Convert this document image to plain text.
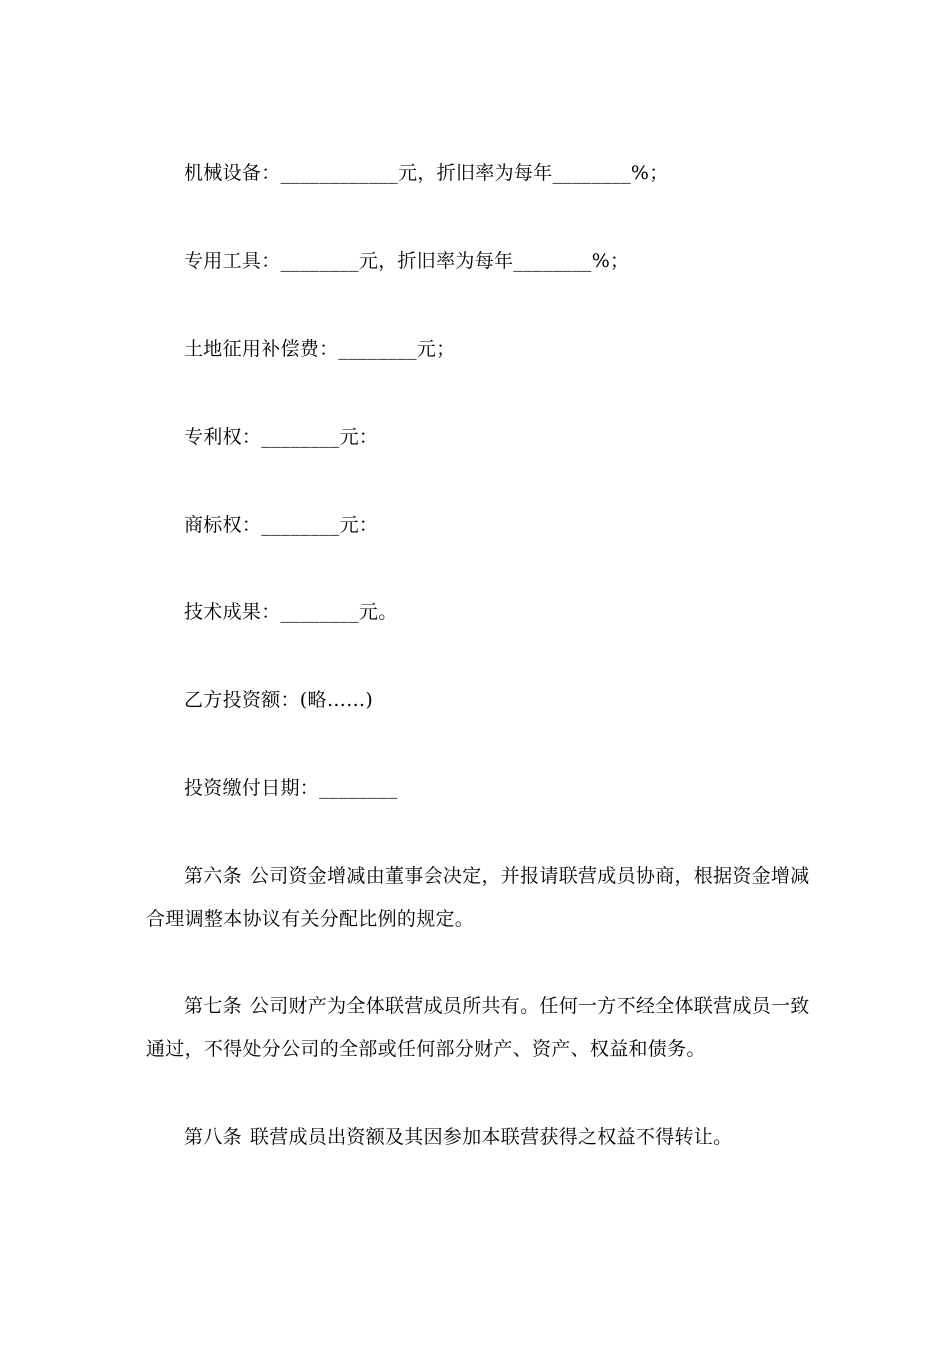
机械设备：____________元，折旧率为每年________%；
专用工具：________元，折旧率为每年________%；
土地征用补偿费：________元；
专利权：________元：
商标权：________元：
技术成果：________元。
乙方投资额：(略……)
投资缴付日期：________
第六条 公司资金增减由董事会决定，并报请联营成员协商，根据资金增减
合理调整本协议有关分配比例的规定。
第七条 公司财产为全体联营成员所共有。任何一方不经全体联营成员一致
通过，不得处分公司的全部或任何部分财产、资产、权益和债务。
第八条 联营成员出资额及其因参加本联营获得之权益不得转让。
